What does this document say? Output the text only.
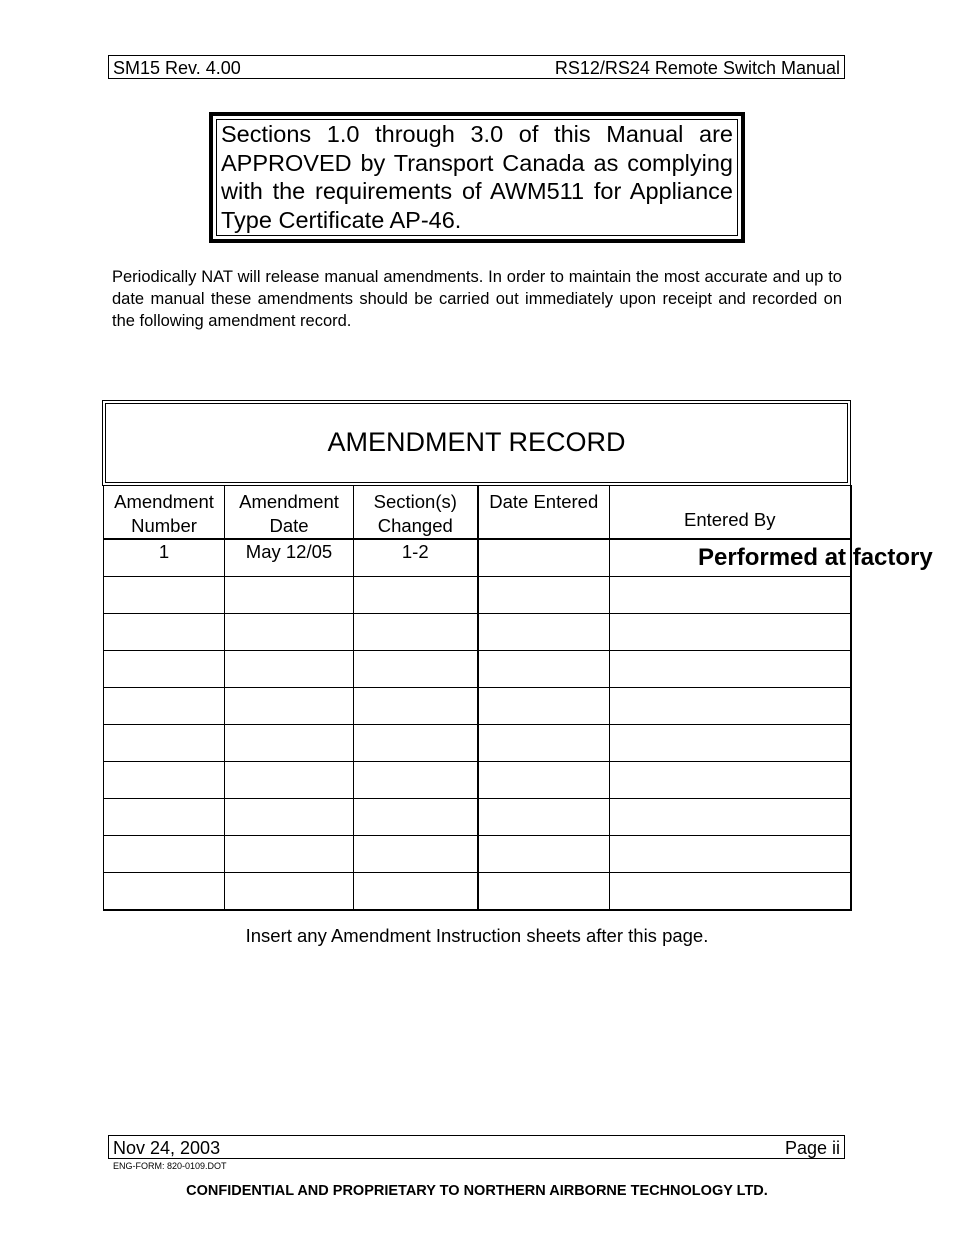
SM15 Rev. 4.00	RS12/RS24 Remote Switch Manual
Sections 1.0 through 3.0 of this Manual are APPROVED by Transport Canada as complying with the requirements of AWM511 for Appliance Type Certificate AP-46.
Periodically NAT will release manual amendments. In order to maintain the most accurate and up to date manual these amendments should be carried out immediately upon receipt and recorded on the following amendment record.
AMENDMENT RECORD
Amendment Number	Amendment Date	Section(s) Changed	Date Entered	Entered By
1	May 12/05	1-2		Performed at factory

Insert any Amendment Instruction sheets after this page.
Nov 24, 2003	Page ii
ENG-FORM: 820-0109.DOT
CONFIDENTIAL AND PROPRIETARY TO NORTHERN AIRBORNE TECHNOLOGY LTD.
